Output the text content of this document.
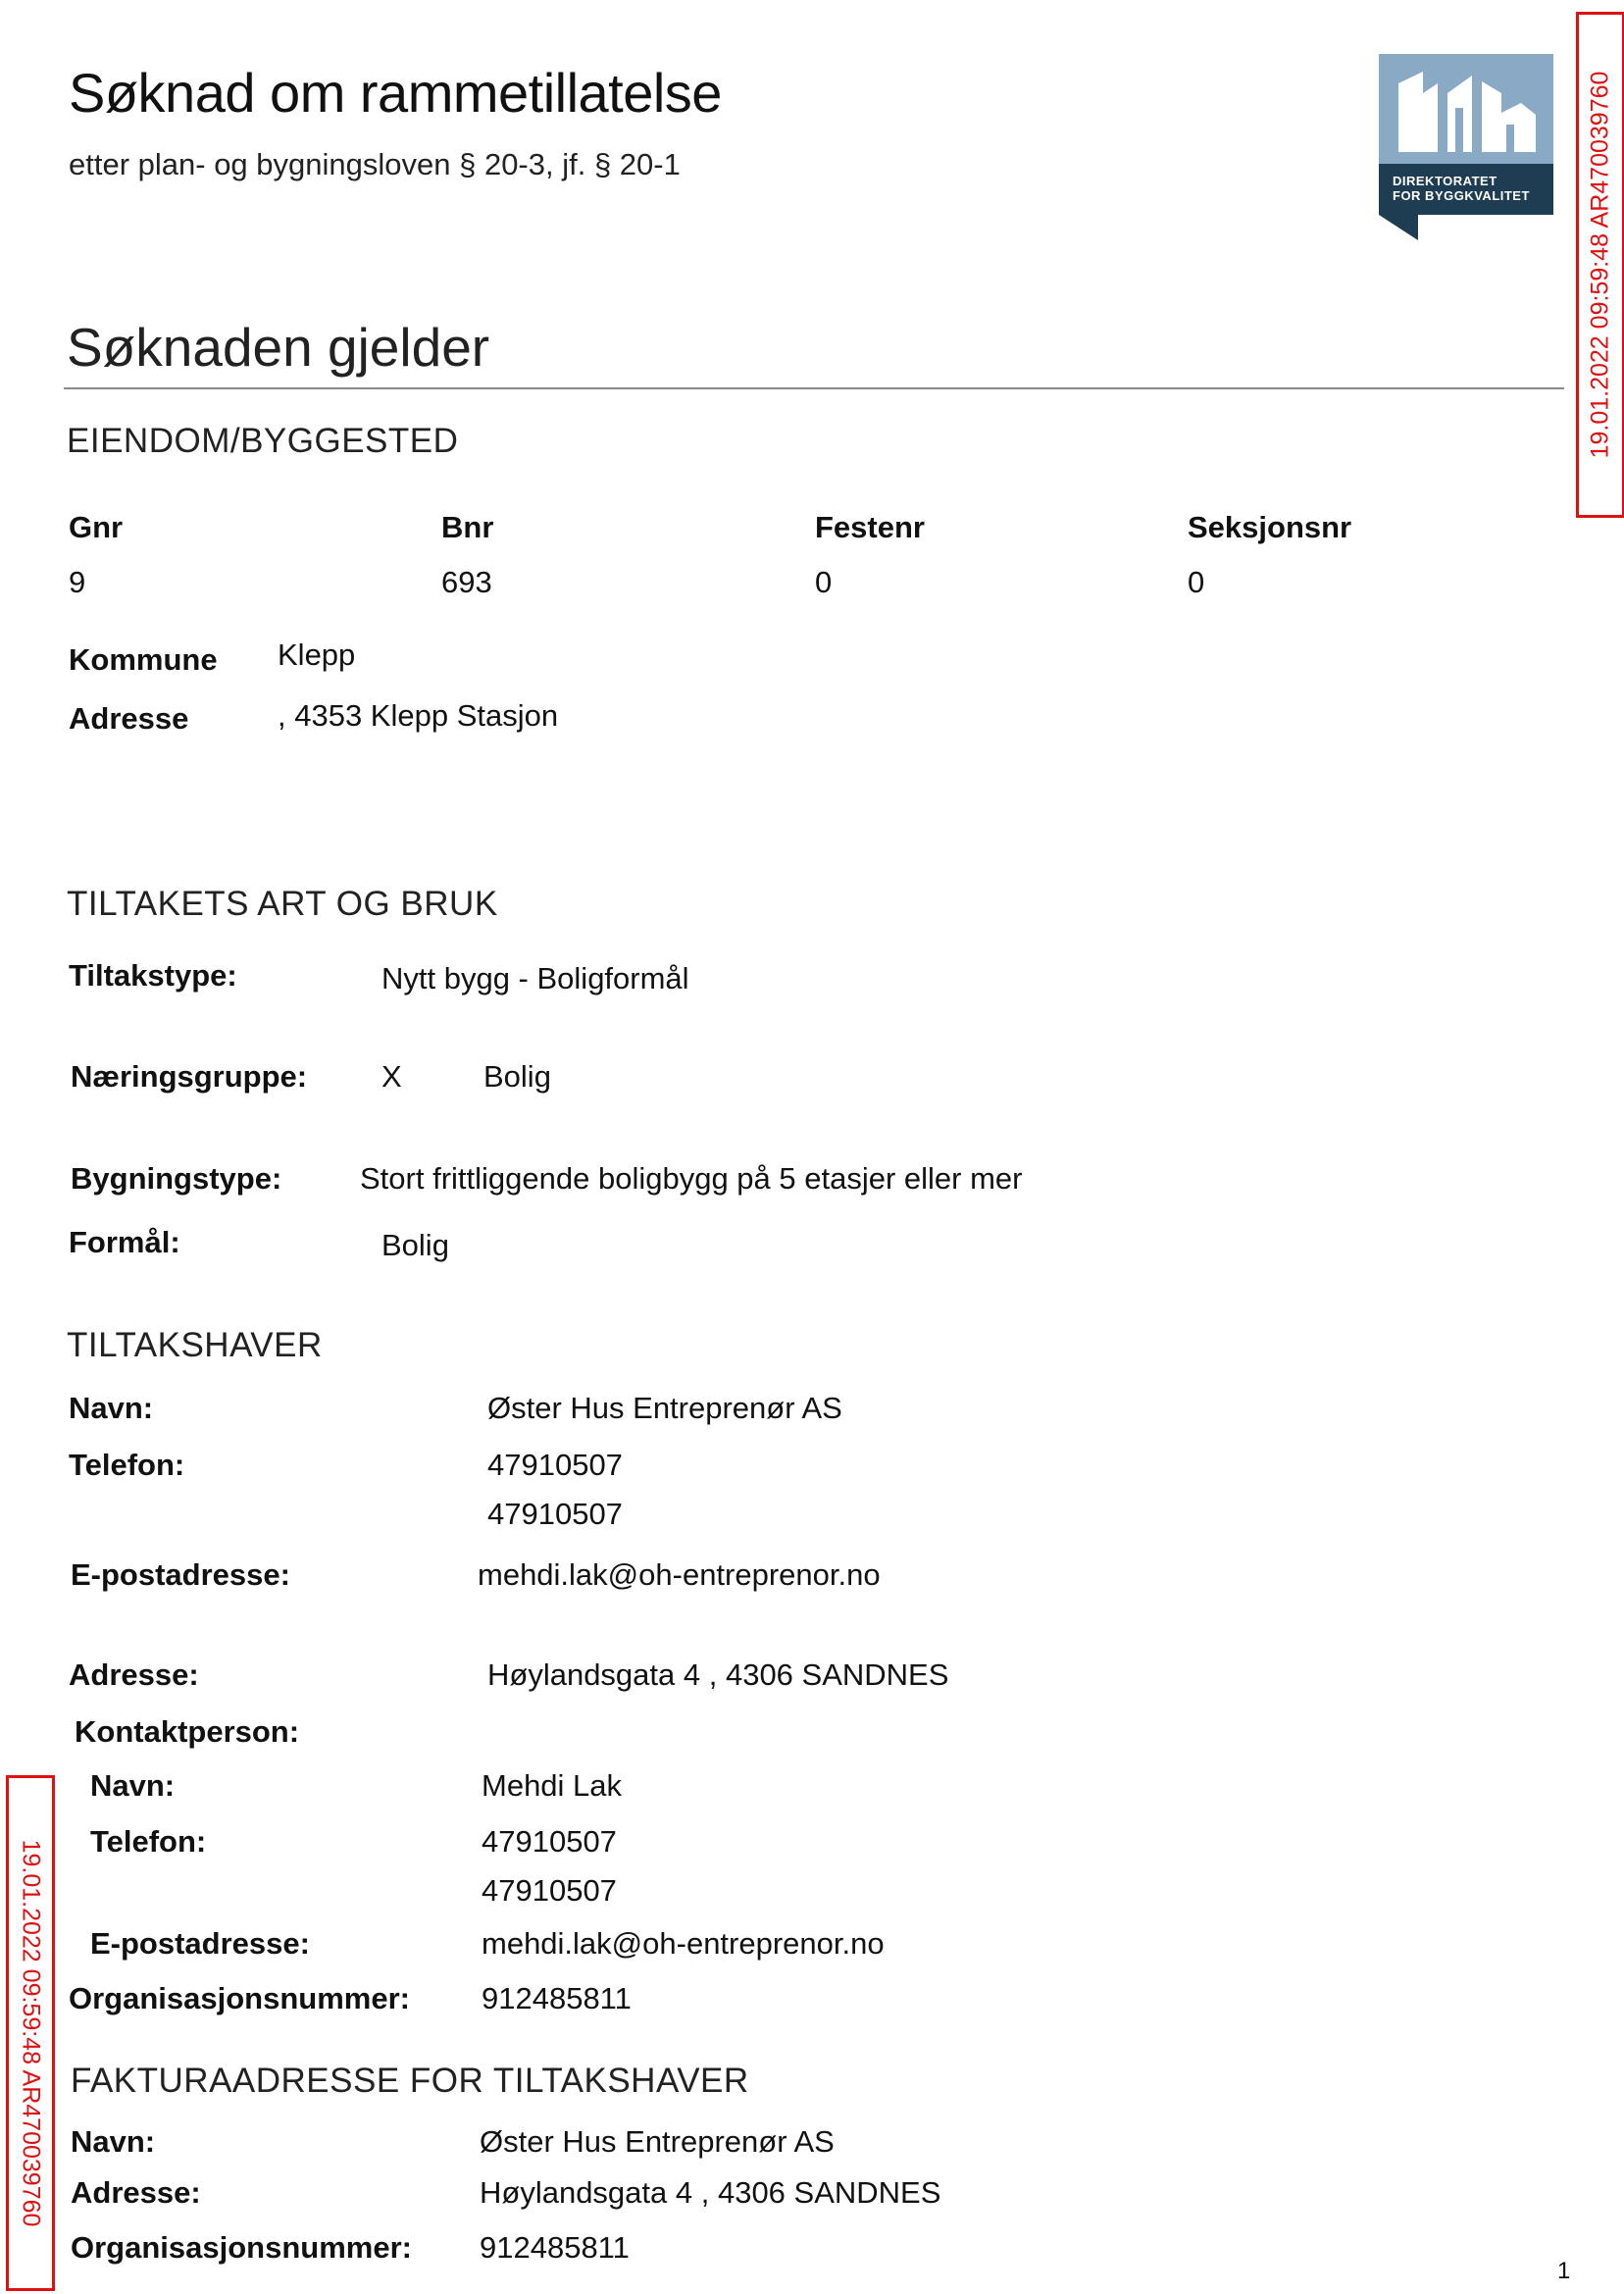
Søknad om rammetillatelse
etter plan- og bygningsloven § 20-3, jf. § 20-1	DIREKTORATET
FOR BYGGKVALITET 19.01.2022 09:59:48 AR470039760
19.01.2022 09:59:48 AR470039760
Søknaden gjelder
EIENDOM/BYGGESTED
Gnr	Bnr	Festenr	Seksjonsnr
9	693	0	0
Kommune Klepp
Adresse	, 4353 Klepp Stasjon
TILTAKETS ART OG BRUK
Tiltakstype:	Nytt bygg - Boligformål
Næringsgruppe: X	Bolig
Bygningstype:	Stort frittliggende boligbygg på 5 etasjer eller mer
Formål:	Bolig
TILTAKSHAVER
Navn:	Øster Hus Entreprenør AS
Telefon:	47910507
47910507
E-postadresse:	mehdi.lak@oh-entreprenor.no
Adresse:	Høylandsgata 4 , 4306 SANDNES
Kontaktperson:
Navn:	Mehdi Lak
Telefon:	47910507
47910507
E-postadresse:	mehdi.lak@oh-entreprenor.no
Organisasjonsnummer: 912485811
FAKTURAADRESSE FOR TILTAKSHAVER
Navn:	Øster Hus Entreprenør AS
Adresse:	Høylandsgata 4 , 4306 SANDNES
Organisasjonsnummer: 912485811
1
